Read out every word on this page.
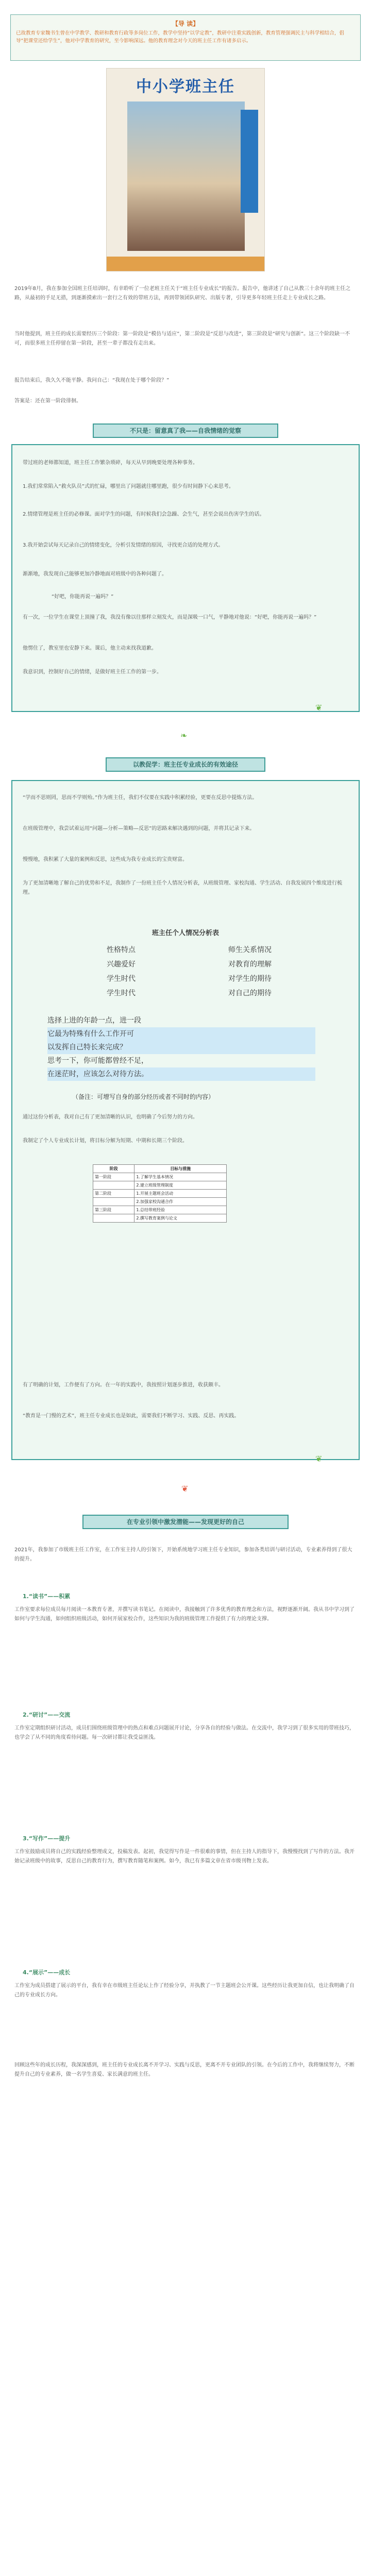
【导 读】
已故教育专家魏书生曾在中学教学、教研和教育行政等多岗位工作，教学中坚持“以学定教”，教研中注重实践创新，教育管理强调民主与科学相结合，倡导“把课堂还给学生”，他对中学教育的研究，至今影响深远。他的教育理念对今天的班主任工作有诸多启示。
中小学班主任
2019年8月，我在参加全国班主任培训时，有幸聆听了一位老班主任关于“班主任专业成长”的报告。报告中，他讲述了自己从教三十余年的班主任之路，从最初的手足无措，到逐渐摸索出一套行之有效的带班方法，再到带领团队研究、出版专著，引导更多年轻班主任走上专业成长之路。
当时他提到，班主任的成长需要经历三个阶段：第一阶段是“模仿与适应”，第二阶段是“反思与改进”，第三阶段是“研究与创新”。这三个阶段缺一不可，而很多班主任停留在第一阶段，甚至一辈子都没有走出来。
报告结束后，我久久不能平静。我问自己：“我现在处于哪个阶段？”
答案是：还在第一阶段徘徊。
不只是：留意真了我——自我情绪的觉察
带过班的老师都知道，班主任工作繁杂琐碎，每天从早到晚要处理各种事务。
1.我们常常陷入“救火队员”式的忙碌，哪里出了问题就往哪里跑，很少有时间静下心来思考。
2.情绪管理是班主任的必修课。面对学生的问题，有时候我们会急躁、会生气，甚至会说出伤害学生的话。
3.我开始尝试每天记录自己的情绪变化，分析引发情绪的原因，寻找更合适的处理方式。
渐渐地，我发现自己能够更加冷静地面对班级中的各种问题了。
“好吧，你能再说一遍吗？”
有一次，一位学生在课堂上顶撞了我，我没有像以往那样立刻发火，而是深吸一口气，平静地对他说：“好吧，你能再说一遍吗？”
他愣住了，教室里也安静下来。课后，他主动来找我道歉。
我意识到，控制好自己的情绪，是做好班主任工作的第一步。
❦
❧
以教促学：班主任专业成长的有效途径
“学而不思则罔，思而不学则殆。”作为班主任，我们不仅要在实践中积累经验，更要在反思中提炼方法。
在班级管理中，我尝试着运用“问题—分析—策略—反思”的思路来解决遇到的问题，并将其记录下来。
慢慢地，我积累了大量的案例和反思，这些成为我专业成长的宝贵财富。
为了更加清晰地了解自己的优势和不足，我制作了一份班主任个人情况分析表，从班级管理、家校沟通、学生活动、自我发展四个维度进行梳理。
班主任个人情况分析表
性格特点	师生关系情况
兴趣爱好	对教育的理解
学生时代	对学生的期待
学生时代	对自己的期待
选择上进的年龄一点，进一段
它最为特殊有什么工作开可
以发挥自己特长来完成？
思考一下，你可能都曾经不足，
在迷茫时，应该怎么对待方法。
（备注：可增写自身的部分经历或者不同时的内容）
通过这份分析表，我对自己有了更加清晰的认识，也明确了今后努力的方向。
我制定了个人专业成长计划，将目标分解为短期、中期和长期三个阶段。
阶段	目标与措施
第一阶段	1.了解学生基本情况
	2.建立班级管理制度
第二阶段	1.开展主题班会活动
	2.加强家校沟通合作
第三阶段	1.总结带班经验
	2.撰写教育案例与论文
有了明确的计划，工作便有了方向。在一年的实践中，我按照计划逐步推进，收获颇丰。
“教育是一门慢的艺术”，班主任专业成长也是如此，需要我们不断学习、实践、反思、再实践。
❦
❦
在专业引领中激发潜能——发现更好的自己
2021年，我参加了市级班主任工作室，在工作室主持人的引领下，开始系统地学习班主任专业知识，参加各类培训与研讨活动，专业素养得到了很大的提升。
1.“读书”——积累
工作室要求每位成员每月阅读一本教育专著，并撰写读书笔记。在阅读中，我接触到了许多优秀的教育理念和方法，视野逐渐开阔。我从书中学习到了如何与学生沟通，如何组织班级活动，如何开展家校合作，这些知识为我的班级管理工作提供了有力的理论支撑。
2.“研讨”——交流
工作室定期组织研讨活动，成员们围绕班级管理中的热点和难点问题展开讨论，分享各自的经验与做法。在交流中，我学习到了很多实用的带班技巧，也学会了从不同的角度看待问题。每一次研讨都让我受益匪浅。
3.“写作”——提升
工作室鼓励成员将自己的实践经验整理成文，投稿发表。起初，我觉得写作是一件很难的事情，但在主持人的指导下，我慢慢找到了写作的方法。我开始记录班级中的故事，反思自己的教育行为，撰写教育随笔和案例。如今，我已有多篇文章在省市级刊物上发表。
4.“展示”——成长
工作室为成员搭建了展示的平台，我有幸在市级班主任论坛上作了经验分享，并执教了一节主题班会公开课。这些经历让我更加自信，也让我明确了自己的专业成长方向。
回顾这些年的成长历程，我深深感到，班主任的专业成长离不开学习、实践与反思，更离不开专业团队的引领。在今后的工作中，我将继续努力，不断提升自己的专业素养，做一名学生喜爱、家长满意的班主任。
